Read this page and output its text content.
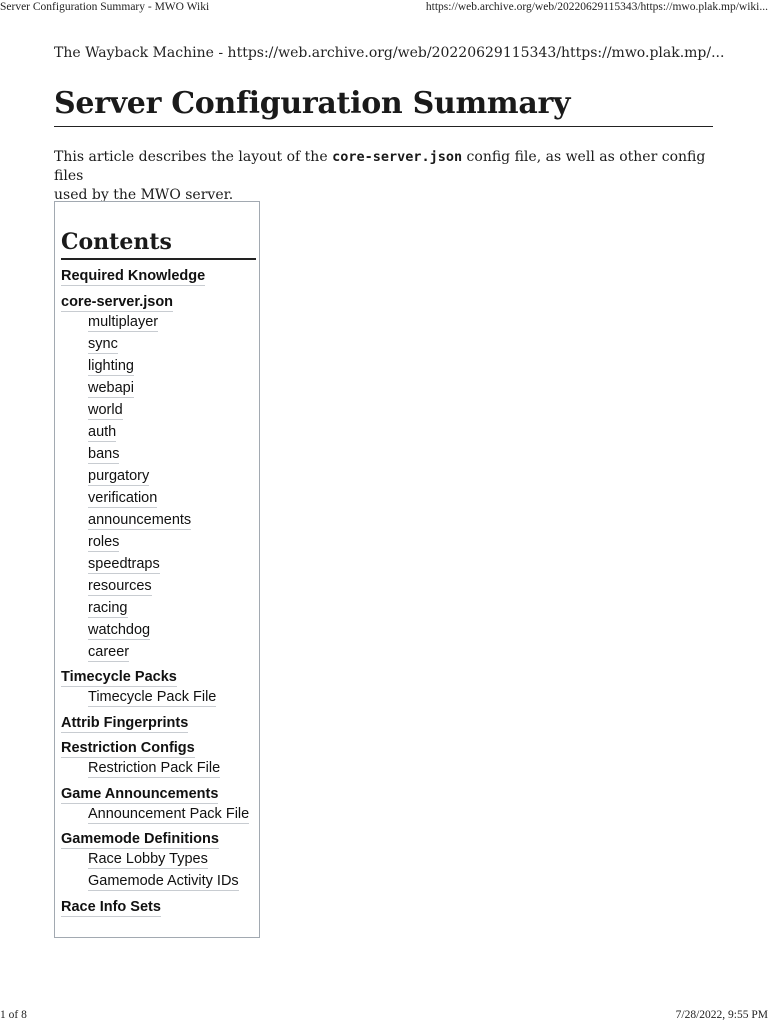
Server Configuration Summary - MWO Wiki	https://web.archive.org/web/20220629115343/https://mwo.plak.mp/wiki...
The Wayback Machine - https://web.archive.org/web/20220629115343/https://mwo.plak.mp/...
Server Configuration Summary
This article describes the layout of the core-server.json config file, as well as other config files
used by the MWO server.
Contents
Required Knowledge
core-server.json
multiplayer
sync
lighting
webapi
world
auth
bans
purgatory
verification
announcements
roles
speedtraps
resources
racing
watchdog
career
Timecycle Packs
Timecycle Pack File
Attrib Fingerprints
Restriction Configs
Restriction Pack File
Game Announcements
Announcement Pack File
Gamemode Definitions
Race Lobby Types
Gamemode Activity IDs
Race Info Sets
1 of 8	7/28/2022, 9:55 PM
